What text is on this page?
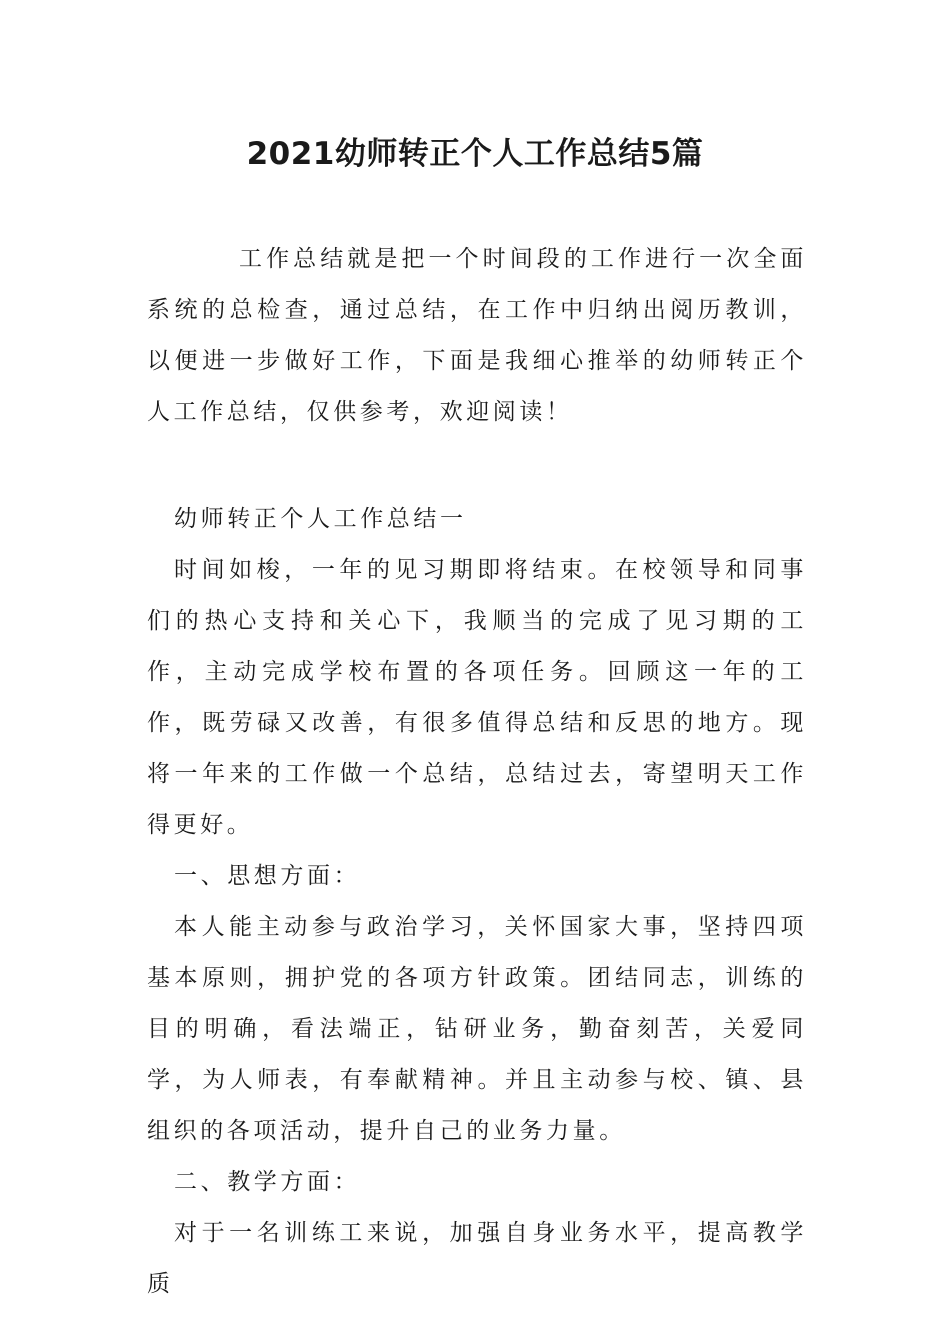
2021幼师转正个人工作总结5篇

工作总结就是把一个时间段的工作进行一次全面系统的总检查，通过总结，在工作中归纳出阅历教训，以便进一步做好工作，下面是我细心推举的幼师转正个人工作总结，仅供参考，欢迎阅读！

幼师转正个人工作总结一

时间如梭，一年的见习期即将结束。在校领导和同事们的热心支持和关心下，我顺当的完成了见习期的工作，主动完成学校布置的各项任务。回顾这一年的工作，既劳碌又改善，有很多值得总结和反思的地方。现将一年来的工作做一个总结，总结过去，寄望明天工作得更好。

一、思想方面：

本人能主动参与政治学习，关怀国家大事，坚持四项基本原则，拥护党的各项方针政策。团结同志，训练的目的明确，看法端正，钻研业务，勤奋刻苦，关爱同学，为人师表，有奉献精神。并且主动参与校、镇、县组织的各项活动，提升自己的业务力量。

二、教学方面：

对于一名训练工来说，加强自身业务水平，提高教学质
